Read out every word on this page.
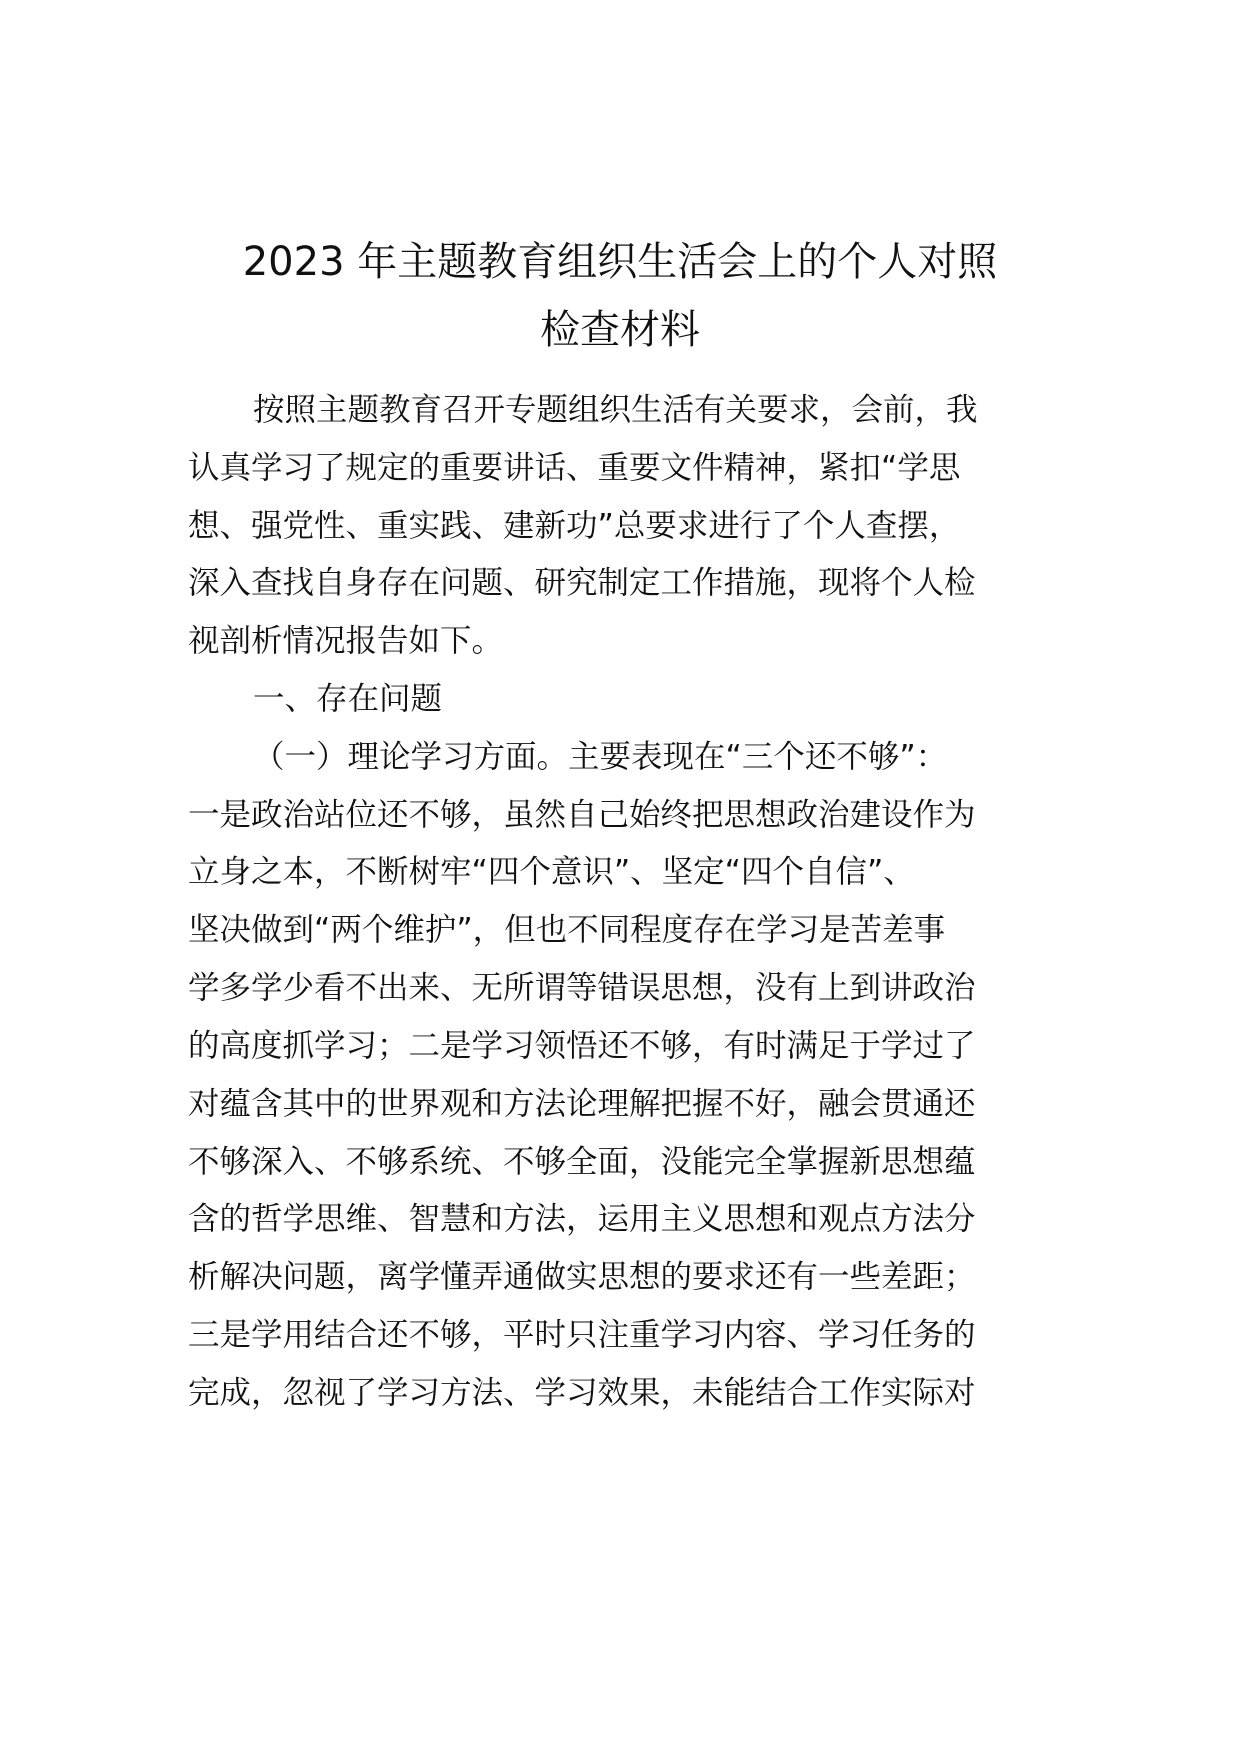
2023 年主题教育组织生活会上的个人对照
检查材料
按照主题教育召开专题组织生活有关要求，会前，我
认真学习了规定的重要讲话、重要文件精神，紧扣“学思
想、强党性、重实践、建新功”总要求进行了个人查摆，
深入查找自身存在问题、研究制定工作措施，现将个人检
视剖析情况报告如下。
一、存在问题
（一）理论学习方面。主要表现在“三个还不够”：
一是政治站位还不够，虽然自己始终把思想政治建设作为
立身之本，不断树牢“四个意识”、坚定“四个自信”、
坚决做到“两个维护”，但也不同程度存在学习是苦差事
学多学少看不出来、无所谓等错误思想，没有上到讲政治
的高度抓学习；二是学习领悟还不够，有时满足于学过了
对蕴含其中的世界观和方法论理解把握不好，融会贯通还
不够深入、不够系统、不够全面，没能完全掌握新思想蕴
含的哲学思维、智慧和方法，运用主义思想和观点方法分
析解决问题，离学懂弄通做实思想的要求还有一些差距；
三是学用结合还不够，平时只注重学习内容、学习任务的
完成，忽视了学习方法、学习效果，未能结合工作实际对
